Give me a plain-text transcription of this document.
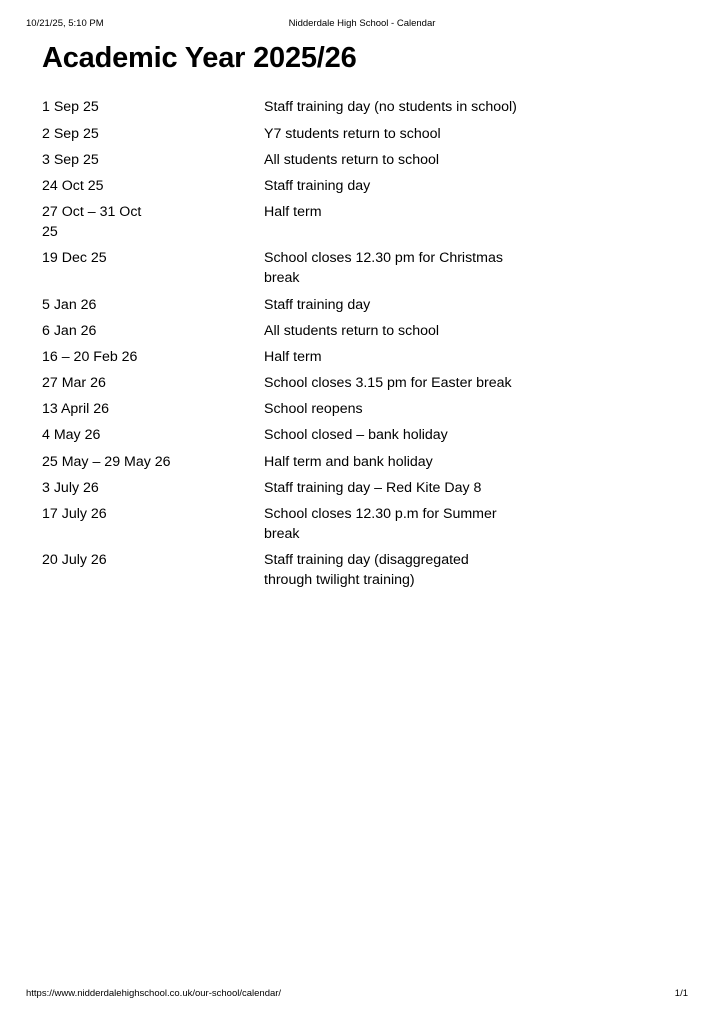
10/21/25, 5:10 PM	Nidderdale High School - Calendar
Academic Year 2025/26
1 Sep 25	Staff training day (no students in school)

2 Sep 25	Y7 students return to school

3 Sep 25	All students return to school
24 Oct 25	Staff training day

27 Oct – 31 Oct 25	Half term
19 Dec 25	School closes 12.30 pm for Christmas break

5 Jan 26	Staff training day
6 Jan 26	All students return to school
16 – 20 Feb 26	Half term
27 Mar 26	School closes 3.15 pm for Easter break
13 April 26	School reopens
4 May 26	School closed – bank holiday
25 May – 29 May 26	Half term and bank holiday
3 July 26	Staff training day – Red Kite Day 8
17 July 26	School closes 12.30 p.m for Summer break

20 July 26	Staff training day (disaggregated through twilight training)
https://www.nidderdalehighschool.co.uk/our-school/calendar/	1/1
